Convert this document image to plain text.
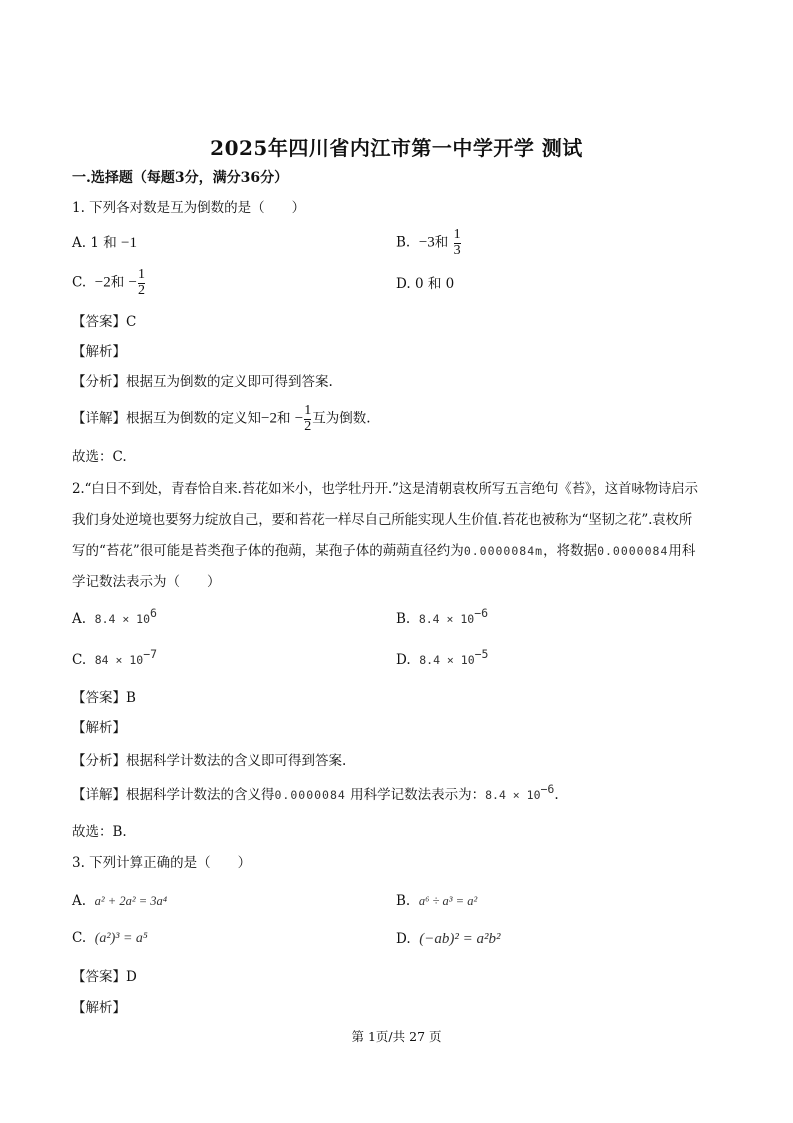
2025年四川省内江市第一中学开学 测试
一.选择题（每题3分，满分36分）
1. 下列各对数是互为倒数的是（　　）
A. 1 和 −1	B. −3和 $\frac{1}{3}$
C. −2和 − $\frac{1}{2}$	D. 0 和 0
【答案】C
【解析】
【分析】根据互为倒数的定义即可得到答案.
【详解】根据互为倒数的定义知−2和 − $\frac{1}{2}$ 互为倒数.
故选：C.
2.“白日不到处，青春恰自来.苔花如米小，也学牡丹开.”这是清朝袁枚所写五言绝句《苔》，这首咏物诗启示
我们身处逆境也要努力绽放自己，要和苔花一样尽自己所能实现人生价值.苔花也被称为“坚韧之花”.袁枚所
写的“苔花”很可能是苔类孢子体的孢蒴，某孢子体的蒴蒴直径约为0.0000084m，将数据0.0000084用科
学记数法表示为（　　）
A. $8.4 \times 10^6$	B. $8.4 \times 10^{-6}$
C. $84 \times 10^{-7}$	D. $8.4 \times 10^{-5}$
【答案】B
【解析】
【分析】根据科学计数法的含义即可得到答案.
【详解】根据科学计数法的含义得0.0000084 用科学记数法表示为：$8.4 \times 10^{-6}$.
故选：B.
3. 下列计算正确的是（　　）
A. a² + 2a² = 3a⁴	B. a⁶ ÷ a³ = a²
C. (a²)³ = a⁵	D. (−ab)² = a²b²
【答案】D
【解析】
第 1页/共 27 页
